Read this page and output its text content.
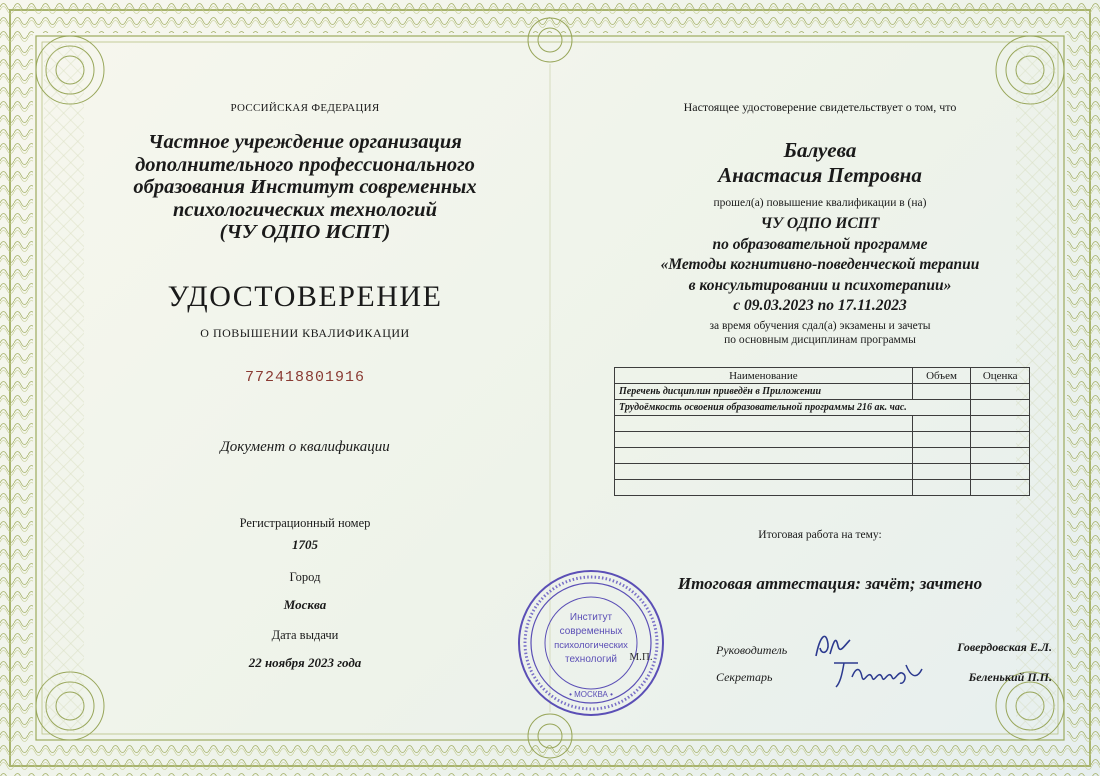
РОССИЙСКАЯ ФЕДЕРАЦИЯ
Частное учреждение организация
дополнительного профессионального
образования Институт современных
психологических технологий
(ЧУ ОДПО ИСПТ)
УДОСТОВЕРЕНИЕ
О ПОВЫШЕНИИ КВАЛИФИКАЦИИ
772418801916
Документ о квалификации
Регистрационный номер
1705
Город
Москва
Дата выдачи
22 ноября 2023 года
Настоящее удостоверение свидетельствует о том, что
Балуева
Анастасия Петровна
прошел(а) повышение квалификации в (на)
ЧУ ОДПО ИСПТ
по образовательной программе
«Методы когнитивно-поведенческой терапии
в консультировании и психотерапии»
с 09.03.2023 по 17.11.2023
за время обучения сдал(а) экзамены и зачеты
по основным дисциплинам программы
Наименование	Объем	Оценка
Перечень дисциплин приведён в Приложении		
Трудоёмкость освоения образовательной программы 216 ак. час.		

Итоговая работа на тему:
Итоговая аттестация: зачёт; зачтено
Руководитель	Говердовская Е.Л.
Секретарь	Беленький П.П.
Институт
современных
психологических
технологий
• МОСКВА •
М.П.
